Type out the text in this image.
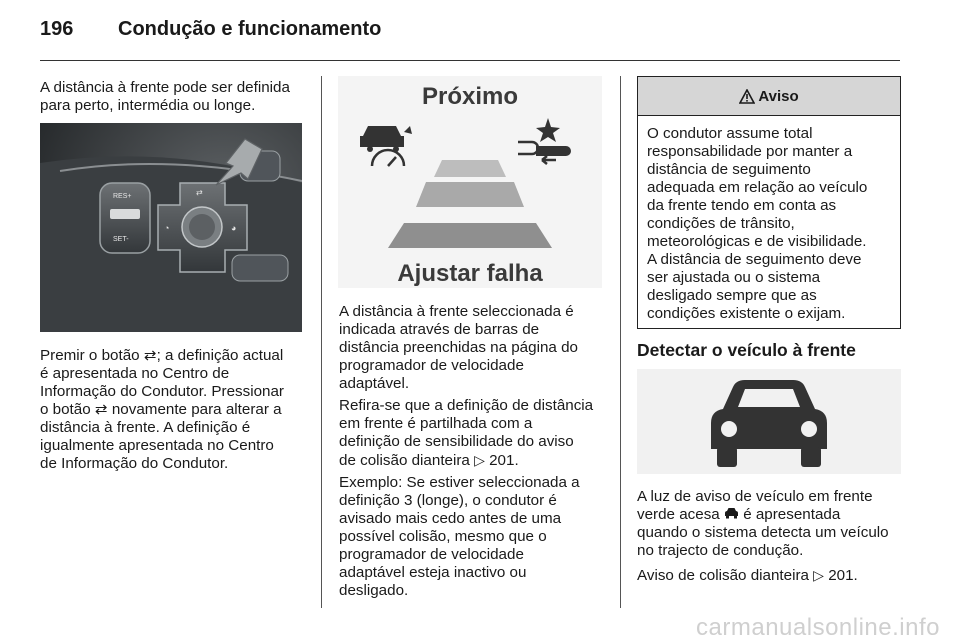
196 Condução e funcionamento
A distância à frente pode ser definida para perto, intermédia ou longe.
RES+
SET-
⇄
◔	◕
Premir o botão ⇄; a definição actual
é apresentada no Centro de
Informação do Condutor. Pressionar
o botão ⇄ novamente para alterar a
distância à frente. A definição é
igualmente apresentada no Centro
de Informação do Condutor.
Próximo
Ajustar falha
A distância à frente seleccionada é
indicada através de barras de
distância preenchidas na página do
programador de velocidade
adaptável.
Refira-se que a definição de distância
em frente é partilhada com a
definição de sensibilidade do aviso
de colisão dianteira ▷ 201.
Exemplo: Se estiver seleccionada a
definição 3 (longe), o condutor é
avisado mais cedo antes de uma
possível colisão, mesmo que o
programador de velocidade
adaptável esteja inactivo ou
desligado.
Aviso
O condutor assume total
responsabilidade por manter a
distância de seguimento
adequada em relação ao veículo
da frente tendo em conta as
condições de trânsito,
meteorológicas e de visibilidade.
A distância de seguimento deve
ser ajustada ou o sistema
desligado sempre que as
condições existente o exijam.
Detectar o veículo à frente
A luz de aviso de veículo em frente
verde acesa  é apresentada
quando o sistema detecta um veículo
no trajecto de condução.
Aviso de colisão dianteira ▷ 201.
carmanualsonline.info
